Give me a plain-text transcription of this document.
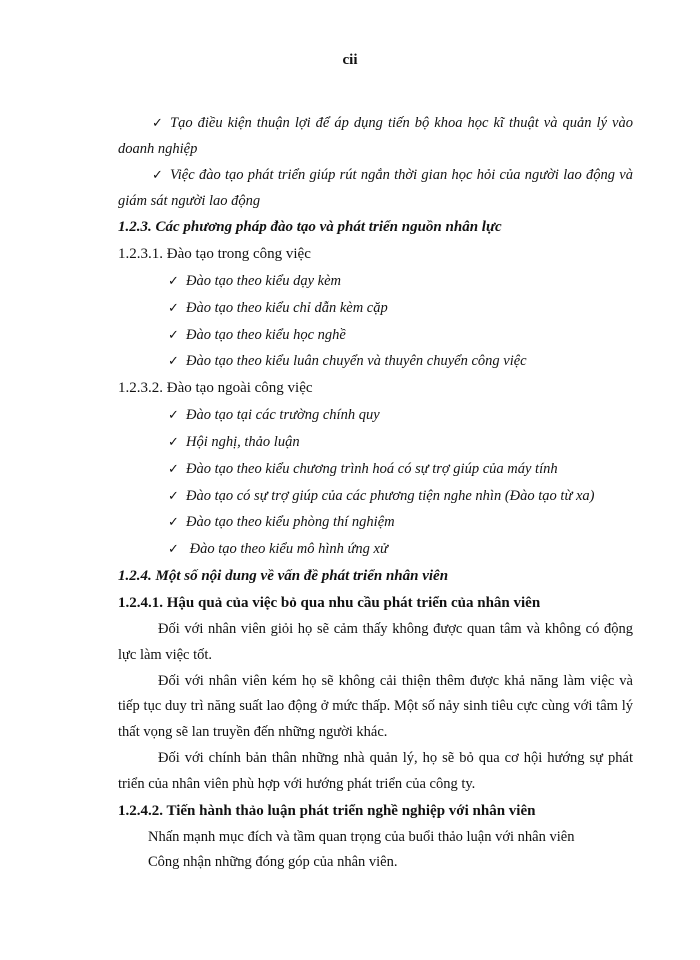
cii

✓ Tạo điều kiện thuận lợi để áp dụng tiến bộ khoa học kĩ thuật và quản lý vào doanh nghiệp

✓ Việc đào tạo phát triển giúp rút ngắn thời gian học hỏi của người lao động và giám sát người lao động

1.2.3. Các phương pháp đào tạo và phát triển nguồn nhân lực

1.2.3.1. Đào tạo trong công việc

✓ Đào tạo theo kiểu dạy kèm

✓ Đào tạo theo kiểu chỉ dẫn kèm cặp

✓ Đào tạo theo kiểu học nghề

✓ Đào tạo theo kiểu luân chuyển và thuyên chuyển công việc

1.2.3.2. Đào tạo ngoài công việc

✓ Đào tạo tại các trường chính quy

✓ Hội nghị, thảo luận

✓ Đào tạo theo kiểu chương trình hoá có sự trợ giúp của máy tính

✓ Đào tạo có sự trợ giúp của các phương tiện nghe nhìn (Đào tạo từ xa)

✓ Đào tạo theo kiểu phòng thí nghiệm

✓ Đào tạo theo kiểu mô hình ứng xử

1.2.4. Một số nội dung về vấn đề phát triển nhân viên

1.2.4.1. Hậu quả của việc bỏ qua nhu cầu phát triển của nhân viên

Đối với nhân viên giỏi họ sẽ cảm thấy không được quan tâm và không có động lực làm việc tốt.

Đối với nhân viên kém họ sẽ không cải thiện thêm được khả năng làm việc và tiếp tục duy trì năng suất lao động ở mức thấp. Một số nảy sinh tiêu cực cùng với tâm lý thất vọng sẽ lan truyền đến những người khác.

Đối với chính bản thân những nhà quản lý, họ sẽ bỏ qua cơ hội hướng sự phát triển của nhân viên phù hợp với hướng phát triển của công ty.

1.2.4.2. Tiến hành thảo luận phát triển nghề nghiệp với nhân viên

Nhấn mạnh mục đích và tầm quan trọng của buổi thảo luận với nhân viên

Công nhận những đóng góp của nhân viên.
